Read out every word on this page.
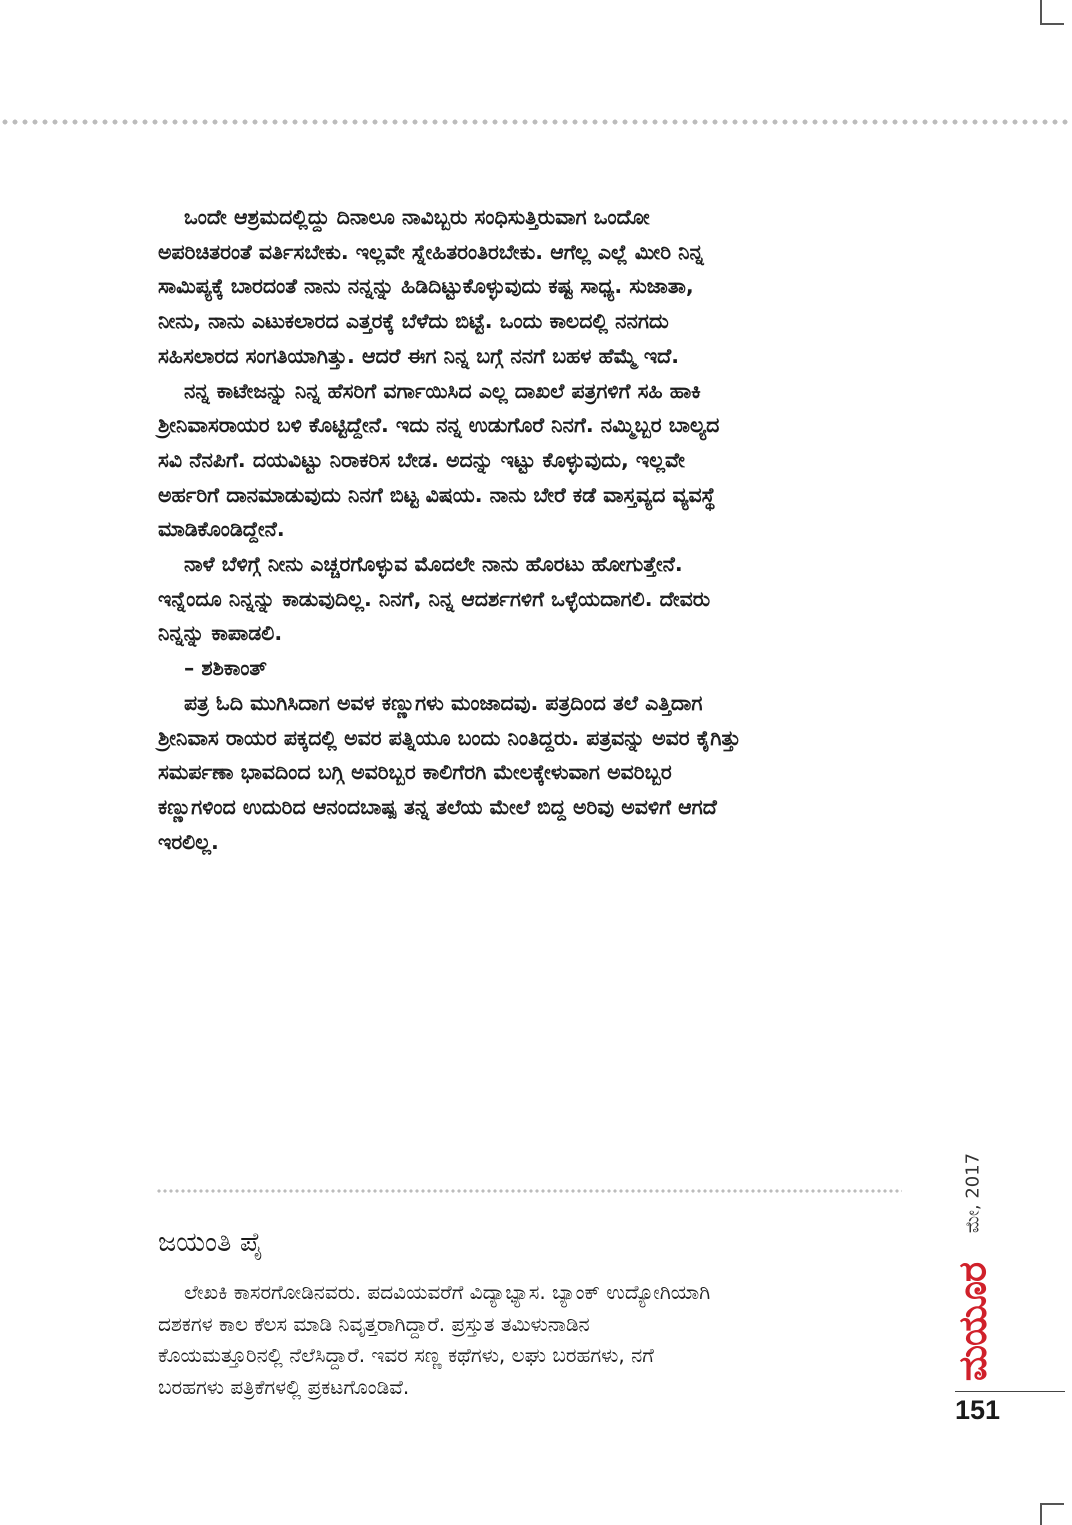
ಒಂದೇ ಆಶ್ರಮದಲ್ಲಿದ್ದು ದಿನಾಲೂ ನಾವಿಬ್ಬರು ಸಂಧಿಸುತ್ತಿರುವಾಗ ಒಂದೋ
ಅಪರಿಚಿತರಂತೆ ವರ್ತಿಸಬೇಕು. ಇಲ್ಲವೇ ಸ್ನೇಹಿತರಂತಿರಬೇಕು. ಆಗೆಲ್ಲ ಎಲ್ಲೆ ಮೀರಿ ನಿನ್ನ
ಸಾಮಿಪ್ಯಕ್ಕೆ ಬಾರದಂತೆ ನಾನು ನನ್ನನ್ನು ಹಿಡಿದಿಟ್ಟುಕೊಳ್ಳುವುದು ಕಷ್ಟ ಸಾಧ್ಯ. ಸುಜಾತಾ,
ನೀನು, ನಾನು ಎಟುಕಲಾರದ ಎತ್ತರಕ್ಕೆ ಬೆಳೆದು ಬಿಟ್ಟೆ. ಒಂದು ಕಾಲದಲ್ಲಿ ನನಗದು
ಸಹಿಸಲಾರದ ಸಂಗತಿಯಾಗಿತ್ತು. ಆದರೆ ಈಗ ನಿನ್ನ ಬಗ್ಗೆ ನನಗೆ ಬಹಳ ಹೆಮ್ಮೆ ಇದೆ.

ನನ್ನ ಕಾಟೇಜನ್ನು ನಿನ್ನ ಹೆಸರಿಗೆ ವರ್ಗಾಯಿಸಿದ ಎಲ್ಲ ದಾಖಲೆ ಪತ್ರಗಳಿಗೆ ಸಹಿ ಹಾಕಿ
ಶ್ರೀನಿವಾಸರಾಯರ ಬಳಿ ಕೊಟ್ಟಿದ್ದೇನೆ. ಇದು ನನ್ನ ಉಡುಗೊರೆ ನಿನಗೆ. ನಮ್ಮಿಬ್ಬರ ಬಾಲ್ಯದ
ಸವಿ ನೆನಪಿಗೆ. ದಯವಿಟ್ಟು ನಿರಾಕರಿಸ ಬೇಡ. ಅದನ್ನು ಇಟ್ಟು ಕೊಳ್ಳುವುದು, ಇಲ್ಲವೇ
ಅರ್ಹರಿಗೆ ದಾನಮಾಡುವುದು ನಿನಗೆ ಬಿಟ್ಟ ವಿಷಯ. ನಾನು ಬೇರೆ ಕಡೆ ವಾಸ್ತವ್ಯದ ವ್ಯವಸ್ಥೆ
ಮಾಡಿಕೊಂಡಿದ್ದೇನೆ.

ನಾಳೆ ಬೆಳಿಗ್ಗೆ ನೀನು ಎಚ್ಚರಗೊಳ್ಳುವ ಮೊದಲೇ ನಾನು ಹೊರಟು ಹೋಗುತ್ತೇನೆ.
ಇನ್ನೆಂದೂ ನಿನ್ನನ್ನು ಕಾಡುವುದಿಲ್ಲ. ನಿನಗೆ, ನಿನ್ನ ಆದರ್ಶಗಳಿಗೆ ಒಳ್ಳೆಯದಾಗಲಿ. ದೇವರು
ನಿನ್ನನ್ನು ಕಾಪಾಡಲಿ.

– ಶಶಿಕಾಂತ್

ಪತ್ರ ಓದಿ ಮುಗಿಸಿದಾಗ ಅವಳ ಕಣ್ಣುಗಳು ಮಂಜಾದವು. ಪತ್ರದಿಂದ ತಲೆ ಎತ್ತಿದಾಗ
ಶ್ರೀನಿವಾಸ ರಾಯರ ಪಕ್ಕದಲ್ಲಿ ಅವರ ಪತ್ನಿಯೂ ಬಂದು ನಿಂತಿದ್ದರು. ಪತ್ರವನ್ನು ಅವರ ಕೈಗಿತ್ತು
ಸಮರ್ಪಣಾ ಭಾವದಿಂದ ಬಗ್ಗಿ ಅವರಿಬ್ಬರ ಕಾಲಿಗೆರಗಿ ಮೇಲಕ್ಕೇಳುವಾಗ ಅವರಿಬ್ಬರ
ಕಣ್ಣುಗಳಿಂದ ಉದುರಿದ ಆನಂದಬಾಷ್ಪ ತನ್ನ ತಲೆಯ ಮೇಲೆ ಬಿದ್ದ ಅರಿವು ಅವಳಿಗೆ ಆಗದೆ
ಇರಲಿಲ್ಲ.

ಜಯಂತಿ ಪೈ
ಲೇಖಕಿ ಕಾಸರಗೋಡಿನವರು. ಪದವಿಯವರೆಗೆ ವಿದ್ಯಾಭ್ಯಾಸ. ಬ್ಯಾಂಕ್ ಉದ್ಯೋಗಿಯಾಗಿ
ದಶಕಗಳ ಕಾಲ ಕೆಲಸ ಮಾಡಿ ನಿವೃತ್ತರಾಗಿದ್ದಾರೆ. ಪ್ರಸ್ತುತ ತಮಿಳುನಾಡಿನ
ಕೊಯಮತ್ತೂರಿನಲ್ಲಿ ನೆಲೆಸಿದ್ದಾರೆ. ಇವರ ಸಣ್ಣ ಕಥೆಗಳು, ಲಘು ಬರಹಗಳು, ನಗೆ
ಬರಹಗಳು ಪತ್ರಿಕೆಗಳಲ್ಲಿ ಪ್ರಕಟಗೊಂಡಿವೆ.
ಮೇ, 2017
ಮಯೂರ
151
